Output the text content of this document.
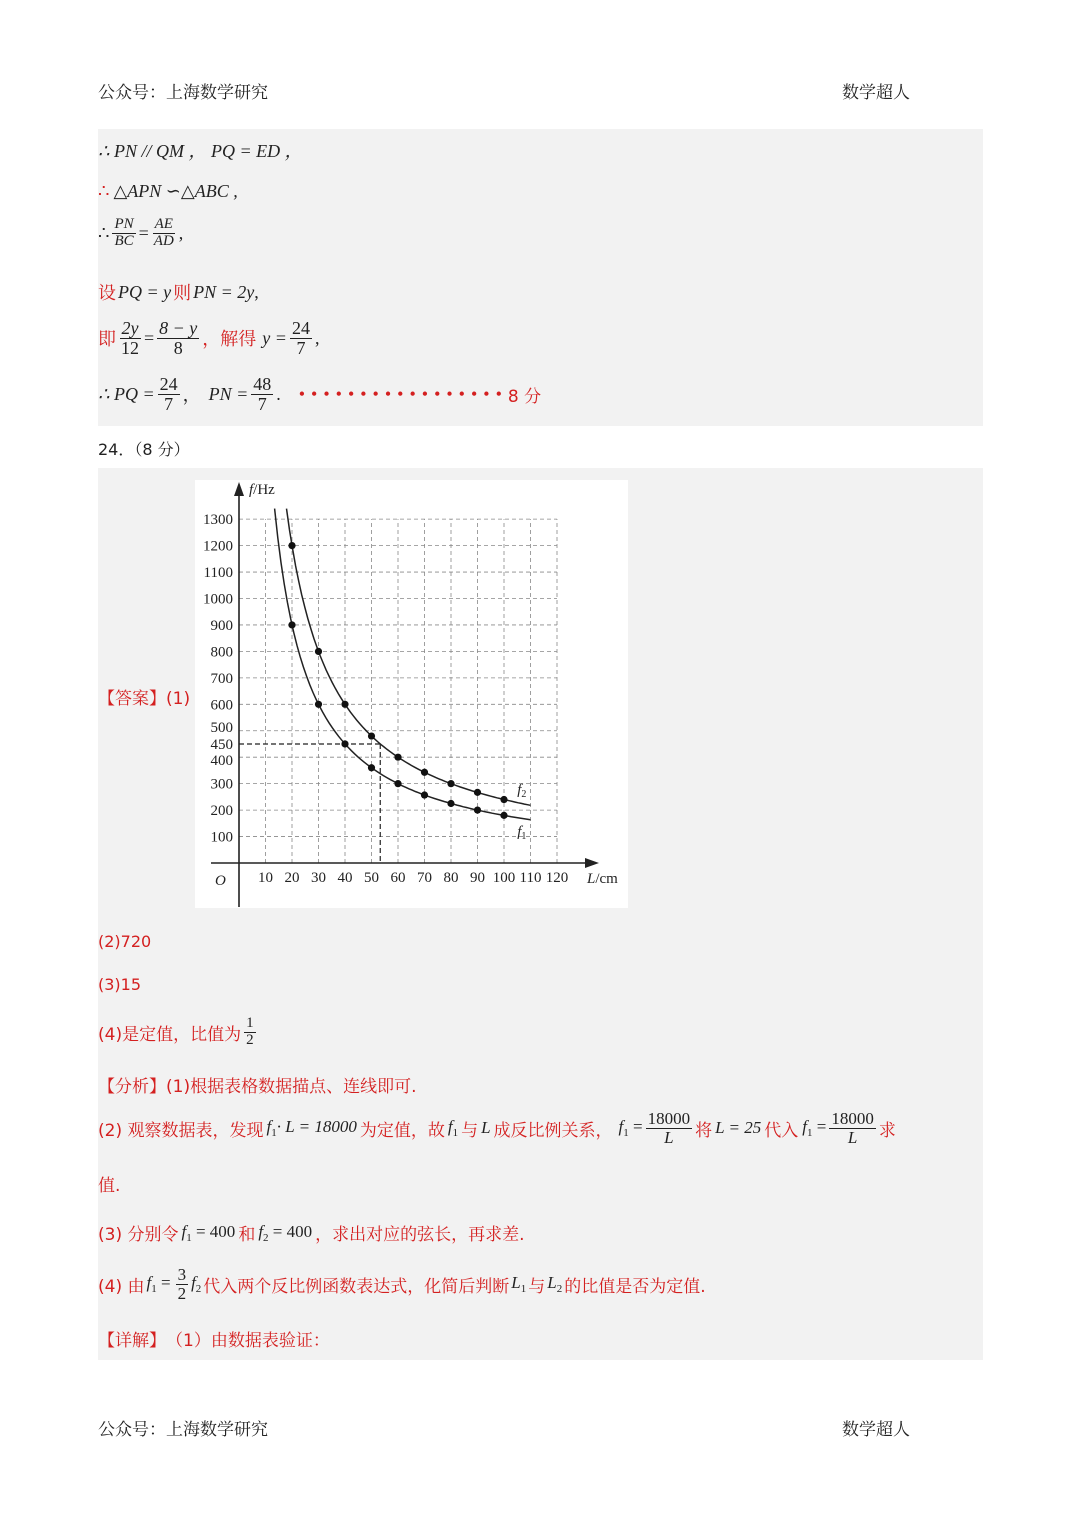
公众号：上海数学研究	数学超人
∴ PN // QM ， PQ = ED ，
∴ △APN ∽△ABC ,
∴ $\frac{PN}{BC} = \frac{AE}{AD}$ ,
设 PQ = y 则 PN = 2y ,
即 $\frac{2y}{12} = \frac{8 - y}{8}$ ，解得 $y = \frac{24}{7}$ ,
∴ PQ = $\frac{24}{7}$ ， PN = $\frac{48}{7}$ . ••••••••••••••••• 8 分
24．（8 分）
【答案】(1)
f/Hz
L/cm
O 10 20 30 40 50 60 70 80 90 100 110 120
100
200
300
400
450
500
600
700
800
900
1000
1100
1200
1300
$f_2$
$f_1$
(2)720
(3)15
(4)是定值，比值为 $\frac{1}{2}$
【分析】 (1)根据表格数据描点、连线即可.
(2) 观察数据表，发现 $f_1\cdot L = 18000$ 为定值，故 $f_1$ 与 L 成反比例关系， $f_1 = \frac{18000}{L}$ 将 L = 25 代入 $f_1 = \frac{18000}{L}$ 求
值.
(3) 分别令 $f_1 = 400$ 和 $f_2 = 400$ ，求出对应的弦长，再求差.
(4) 由 $f_1 = \frac{3}{2} f_2$ 代入两个反比例函数表达式，化简后判断 $L_1$ 与 $L_2$ 的比值是否为定值.
【详解】 （1）由数据表验证：
公众号：上海数学研究	数学超人
